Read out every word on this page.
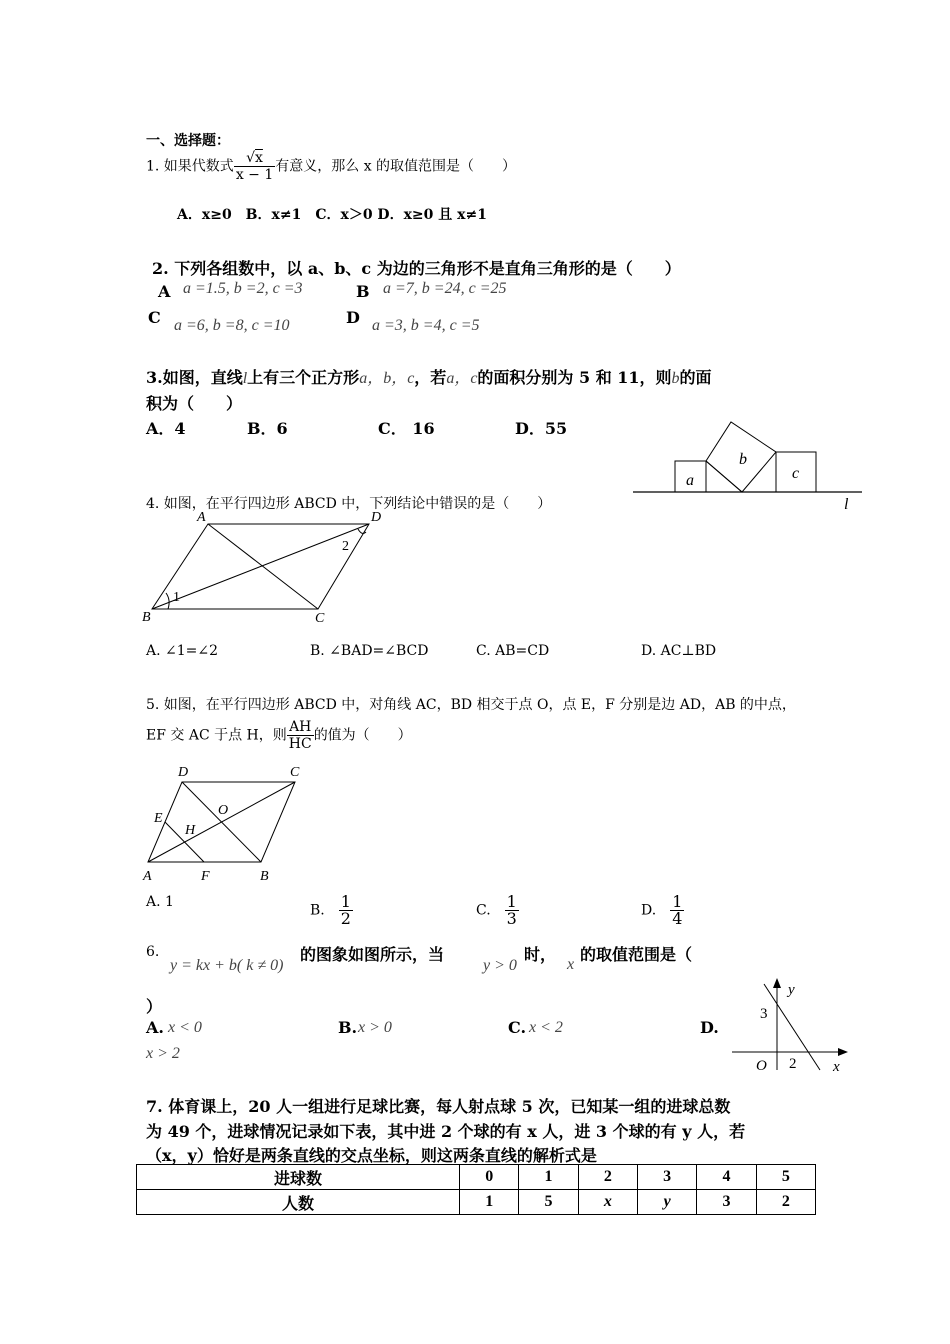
一、选择题：
1. 如果代数式 $\frac{√x}{x - 1}$ 有意义，那么 x 的取值范围是（　　）
A．x≥0　B．x≠1　C．x＞0 D．x≥0 且 x≠1
2. 下列各组数中，以 a、b、c 为边的三角形不是直角三角形的是（　　）
A a =1.5, b =2, c =3	B a =7, b =24, c =25
C a =6, b =8, c =10	D a =3, b =4, c =5
3.如图，直线l上有三个正方形a，b，c，若a，c的面积分别为 5 和 11，则b的面
积为（　　）
A．4	B．6	C． 16	D．55
a
b
c
l
4. 如图，在平行四边形 ABCD 中，下列结论中错误的是（　　）
A	D
B	C
1
2
A. ∠1=∠2	B. ∠BAD=∠BCD	C. AB=CD	D. AC⊥BD
5. 如图，在平行四边形 ABCD 中，对角线 AC，BD 相交于点 O，点 E，F 分别是边 AD，AB 的中点，
EF 交 AC 于点 H，则 $\frac{AH}{HC}$ 的值为（　　）
D	C
A	B
E
F
H
O
A. 1
B. $\frac{1}{2}$	C. $\frac{1}{3}$	D. $\frac{1}{4}$
6.
y = kx + b( k ≠ 0)
的图象如图所示，当
y > 0
时，
x
的取值范围是（
）
A. x < 0	B. x > 0	C. x < 2	D.
x > 2
y
x
O
3
2
7. 体育课上，20 人一组进行足球比赛，每人射点球 5 次，已知某一组的进球总数
为 49 个，进球情况记录如下表，其中进 2 个球的有 x 人，进 3 个球的有 y 人，若
（x，y）恰好是两条直线的交点坐标，则这两条直线的解析式是
进球数	0	1	2	3	4	5
人数	1	5	x	y	3	2
